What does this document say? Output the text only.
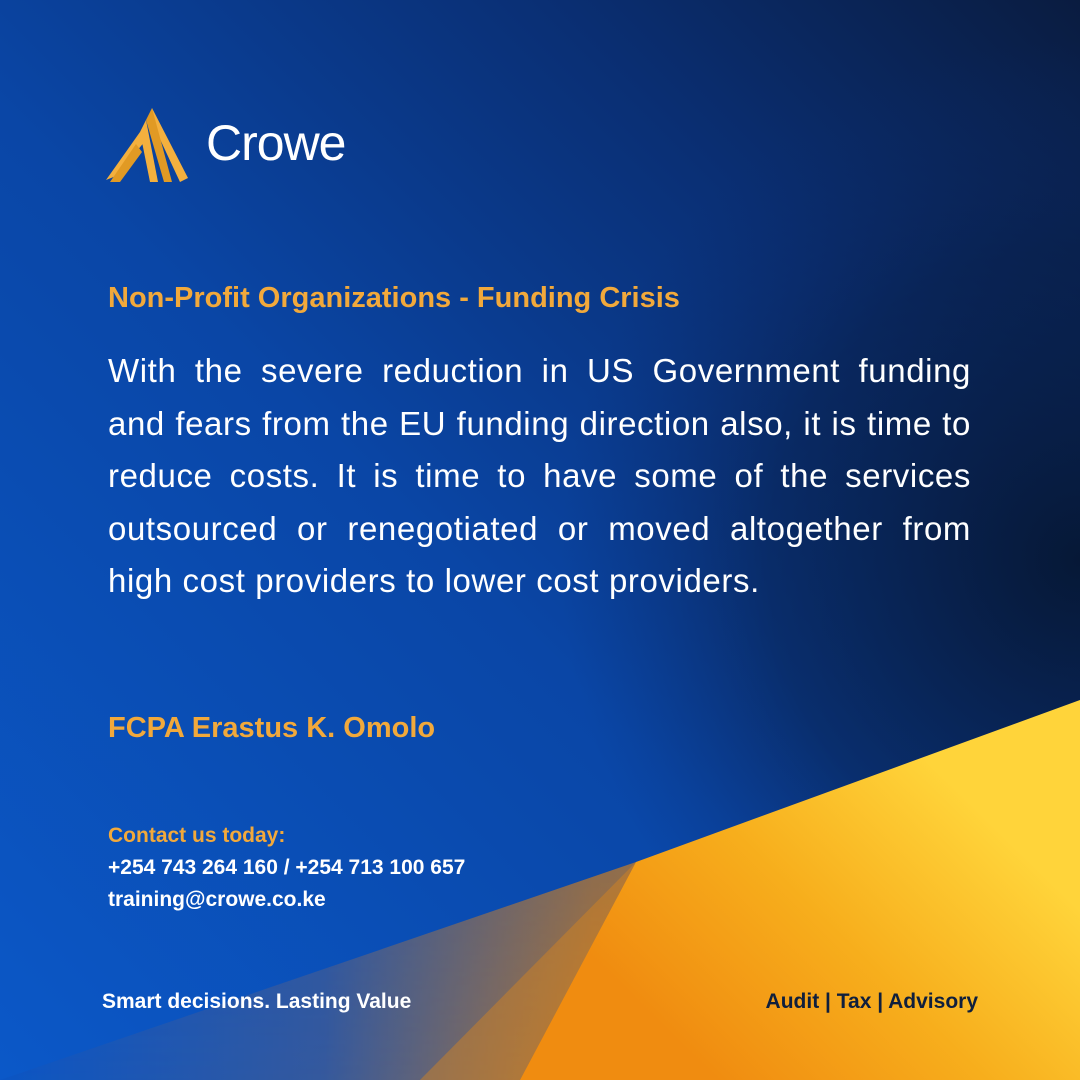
Crowe
Non-Profit Organizations - Funding Crisis
With the severe reduction in US Government funding and fears from the EU funding direction also, it is time to reduce costs. It is time to have some of the services outsourced or renegotiated or moved altogether from high cost providers to lower cost providers.
FCPA Erastus K. Omolo
Contact us today:
+254 743 264 160 / +254 713 100 657
training@crowe.co.ke
Smart decisions. Lasting Value	Audit | Tax | Advisory
